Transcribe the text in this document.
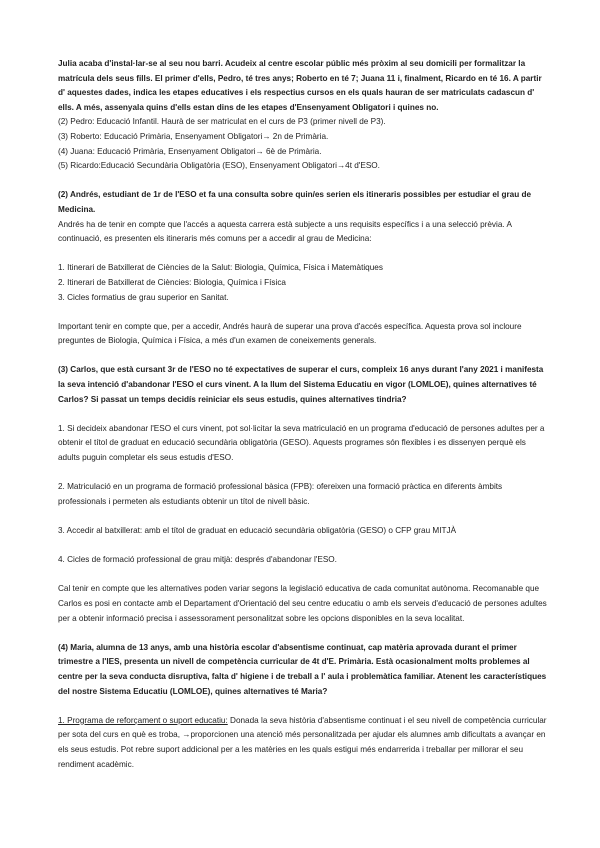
Julia acaba d'instal·lar-se al seu nou barri. Acudeix al centre escolar públic més pròxim al seu domicili per formalitzar la matrícula dels seus fills. El primer d'ells, Pedro, té tres anys; Roberto en té 7; Juana 11 i, finalment, Ricardo en té 16. A partir d' aquestes dades, indica les etapes educatives i els respectius cursos en els quals hauran de ser matriculats cadascun d' ells. A més, assenyala quins d'ells estan dins de les etapes d'Ensenyament Obligatori i quines no.

(2) Pedro: Educació Infantil. Haurà de ser matriculat en el curs de P3 (primer nivell de P3).

(3) Roberto: Educació Primària, Ensenyament Obligatori→ 2n de Primària.

(4) Juana: Educació Primària, Ensenyament Obligatori→ 6è de Primària.

(5) Ricardo:Educació Secundària Obligatòria (ESO), Ensenyament Obligatori→4t d'ESO.

(2) Andrés, estudiant de 1r de l'ESO et fa una consulta sobre quin/es serien els itineraris possibles per estudiar el grau de Medicina.

Andrés ha de tenir en compte que l'accés a aquesta carrera està subjecte a uns requisits específics i a una selecció prèvia. A continuació, es presenten els itineraris més comuns per a accedir al grau de Medicina:

1. Itinerari de Batxillerat de Ciències de la Salut: Biologia, Química, Física i Matemàtiques

2. Itinerari de Batxillerat de Ciències: Biologia, Química i Física

3. Cicles formatius de grau superior en Sanitat.

Important tenir en compte que, per a accedir, Andrés haurà de superar una prova d'accés específica. Aquesta prova sol incloure preguntes de Biologia, Química i Física, a més d'un examen de coneixements generals.

(3) Carlos, que està cursant 3r de l'ESO no té expectatives de superar el curs, compleix 16 anys durant l'any 2021 i manifesta la seva intenció d'abandonar l'ESO el curs vinent. A la llum del Sistema Educatiu en vigor (LOMLOE), quines alternatives té Carlos? Si passat un temps decidís reiniciar els seus estudis, quines alternatives tindria?

1. Si decideix abandonar l'ESO el curs vinent, pot sol·licitar la seva matriculació en un programa d'educació de persones adultes per a obtenir el títol de graduat en educació secundària obligatòria (GESO). Aquests programes són flexibles i es dissenyen perquè els adults puguin completar els seus estudis d'ESO.

2. Matriculació en un programa de formació professional bàsica (FPB): ofereixen una formació pràctica en diferents àmbits professionals i permeten als estudiants obtenir un títol de nivell bàsic.

3. Accedir al batxillerat: amb el títol de graduat en educació secundària obligatòria (GESO) o CFP grau MITJÀ

4. Cicles de formació professional de grau mitjà: després d'abandonar l'ESO.

Cal tenir en compte que les alternatives poden variar segons la legislació educativa de cada comunitat autònoma. Recomanable que Carlos es posi en contacte amb el Departament d'Orientació del seu centre educatiu o amb els serveis d'educació de persones adultes per a obtenir informació precisa i assessorament personalitzat sobre les opcions disponibles en la seva localitat.

(4) Maria, alumna de 13 anys, amb una història escolar d'absentisme continuat, cap matèria aprovada durant el primer trimestre a l'IES, presenta un nivell de competència curricular de 4t d'E. Primària. Està ocasionalment molts problemes al centre per la seva conducta disruptiva, falta d' higiene i de treball a l' aula i problemàtica familiar. Atenent les característiques del nostre Sistema Educatiu (LOMLOE), quines alternatives té Maria?

1. Programa de reforçament o suport educatiu: Donada la seva història d'absentisme continuat i el seu nivell de competència curricular per sota del curs en què es troba, →proporcionen una atenció més personalitzada per ajudar els alumnes amb dificultats a avançar en els seus estudis. Pot rebre suport addicional per a les matèries en les quals estigui més endarrerida i treballar per millorar el seu rendiment acadèmic.
